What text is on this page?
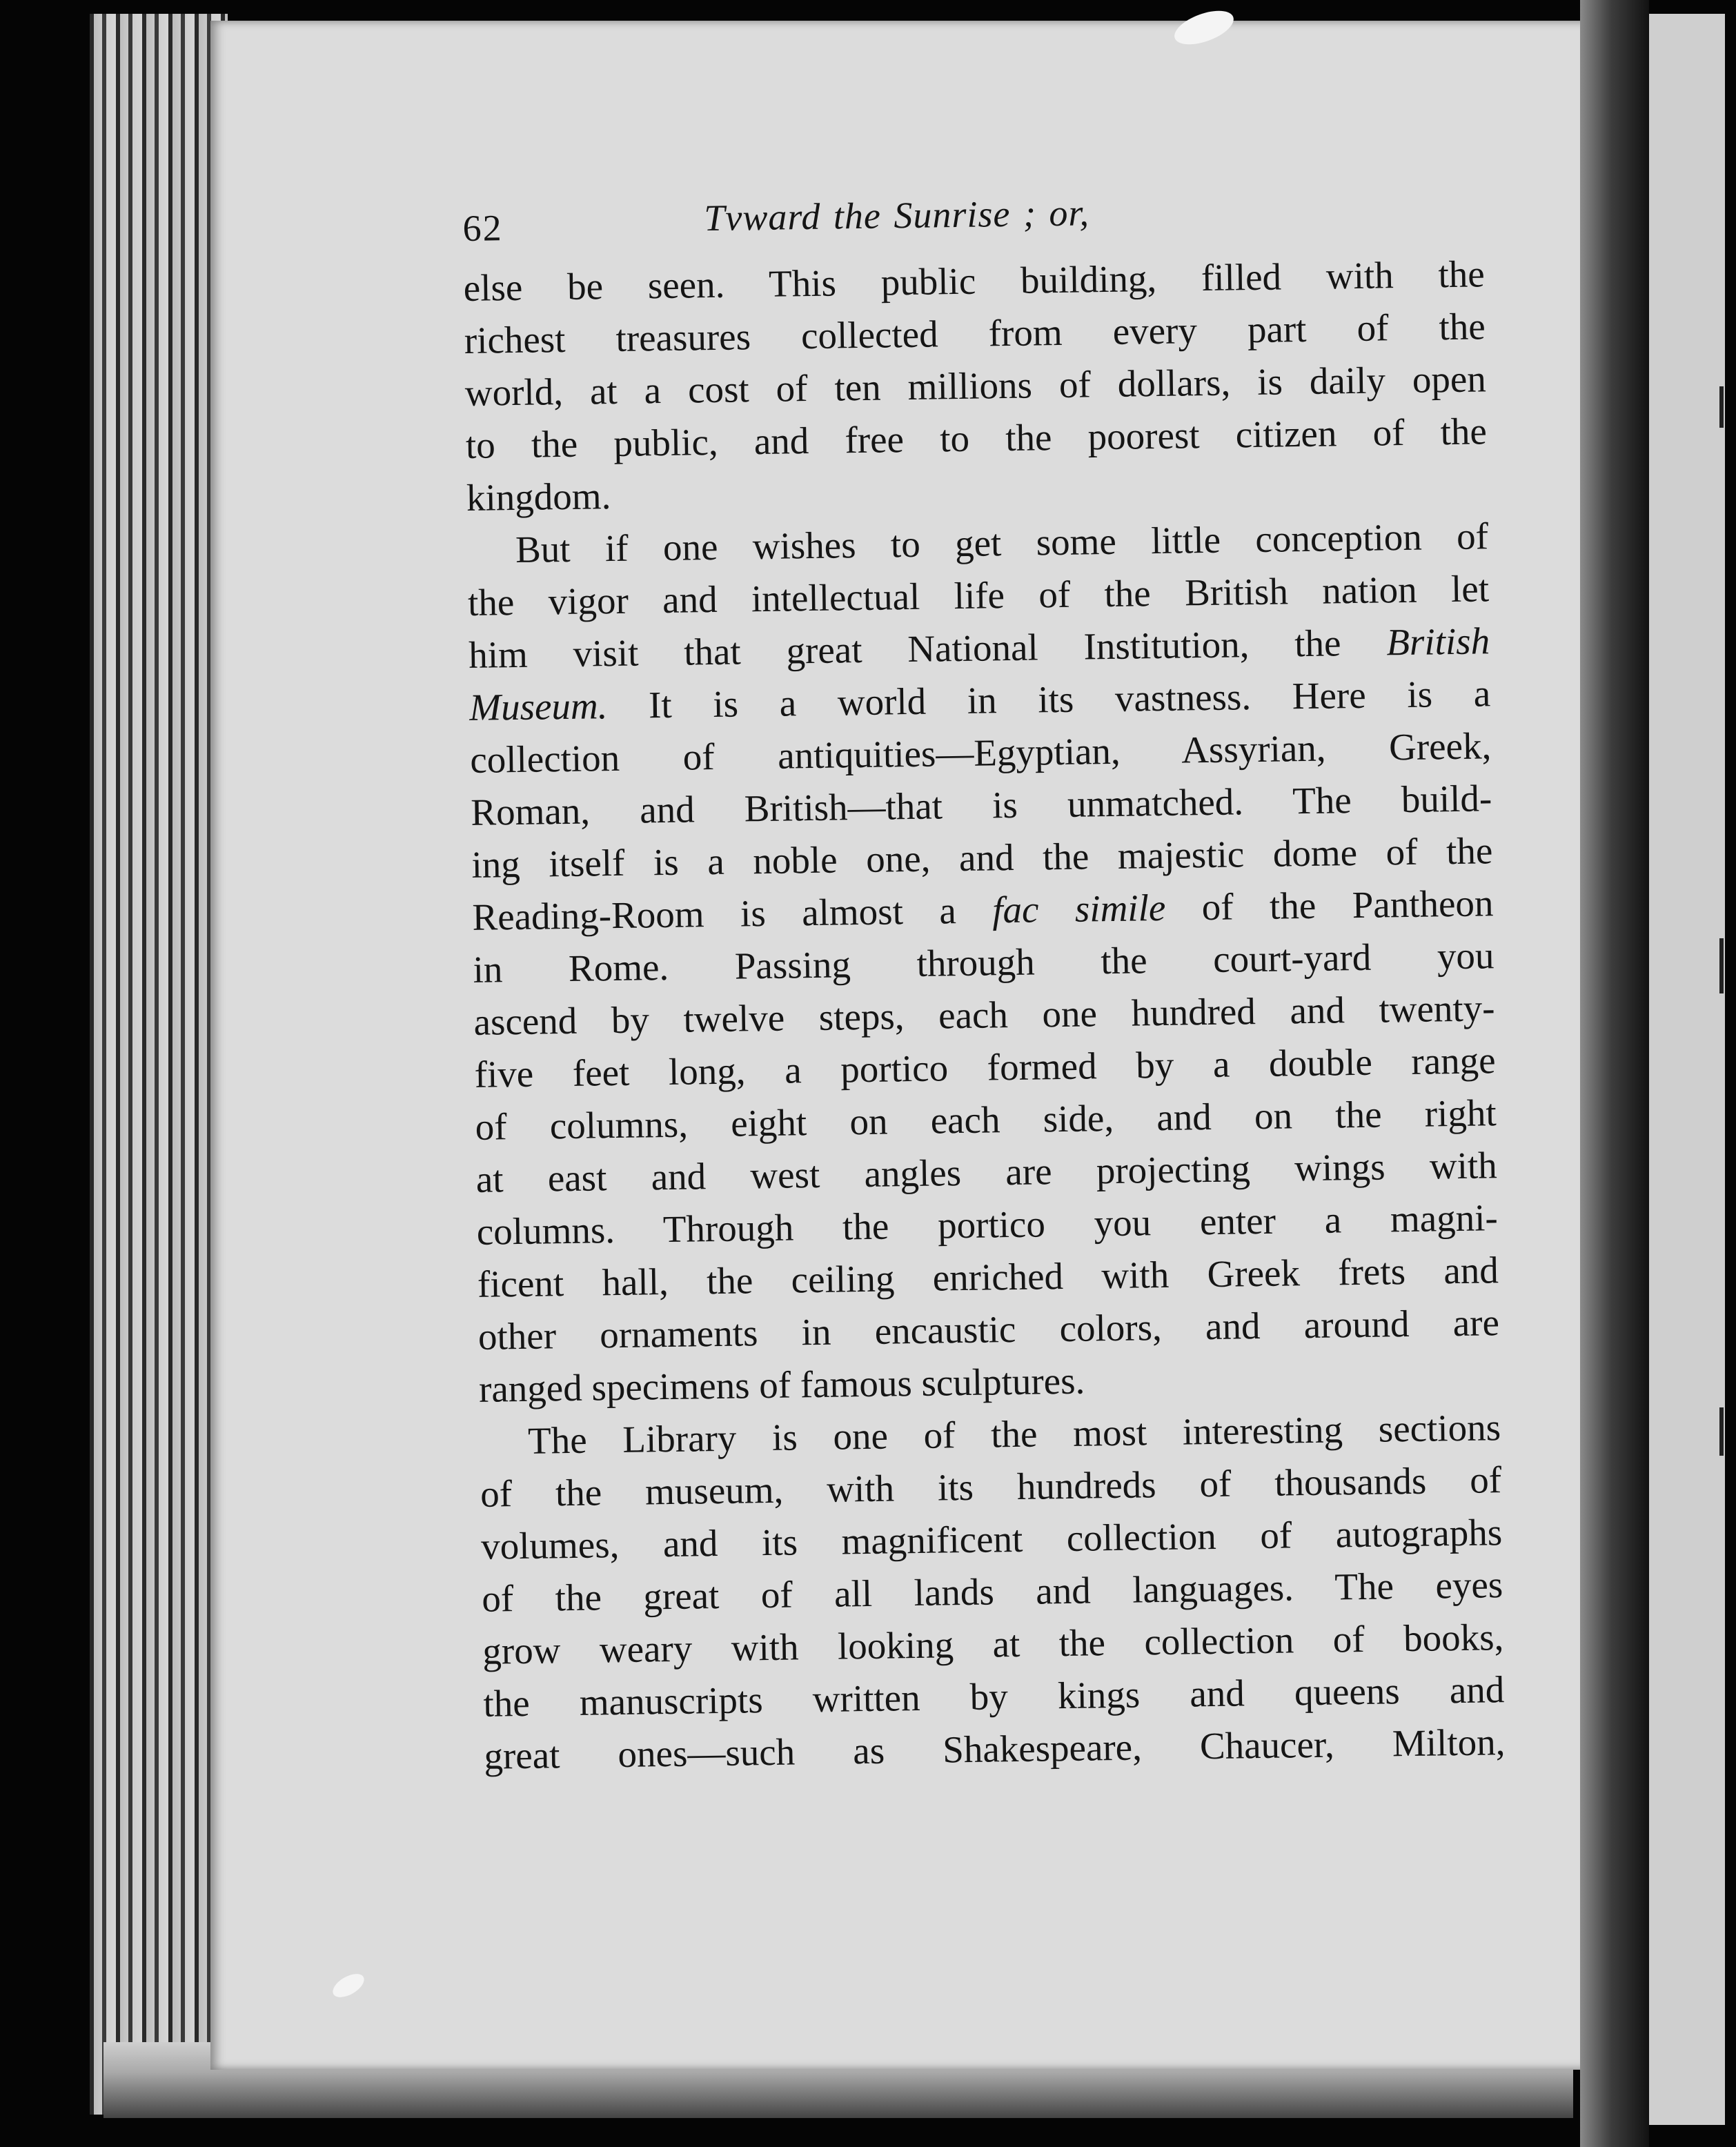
62	Tvward the Sunrise ; or,
else be seen. This public building, filled with the
richest treasures collected from every part of the
world, at a cost of ten millions of dollars, is daily open
to the public, and free to the poorest citizen of the
kingdom.
But if one wishes to get some little conception of
the vigor and intellectual life of the British nation let
him visit that great National Institution, the British
Museum. It is a world in its vastness. Here is a
collection of antiquities—Egyptian, Assyrian, Greek,
Roman, and British—that is unmatched. The build-
ing itself is a noble one, and the majestic dome of the
Reading-Room is almost a fac simile of the Pantheon
in Rome. Passing through the court-yard you
ascend by twelve steps, each one hundred and twenty-
five feet long, a portico formed by a double range
of columns, eight on each side, and on the right
at east and west angles are projecting wings with
columns. Through the portico you enter a magni-
ficent hall, the ceiling enriched with Greek frets and
other ornaments in encaustic colors, and around are
ranged specimens of famous sculptures.
The Library is one of the most interesting sections
of the museum, with its hundreds of thousands of
volumes, and its magnificent collection of autographs
of the great of all lands and languages. The eyes
grow weary with looking at the collection of books,
the manuscripts written by kings and queens and
great ones—such as Shakespeare, Chaucer, Milton,
